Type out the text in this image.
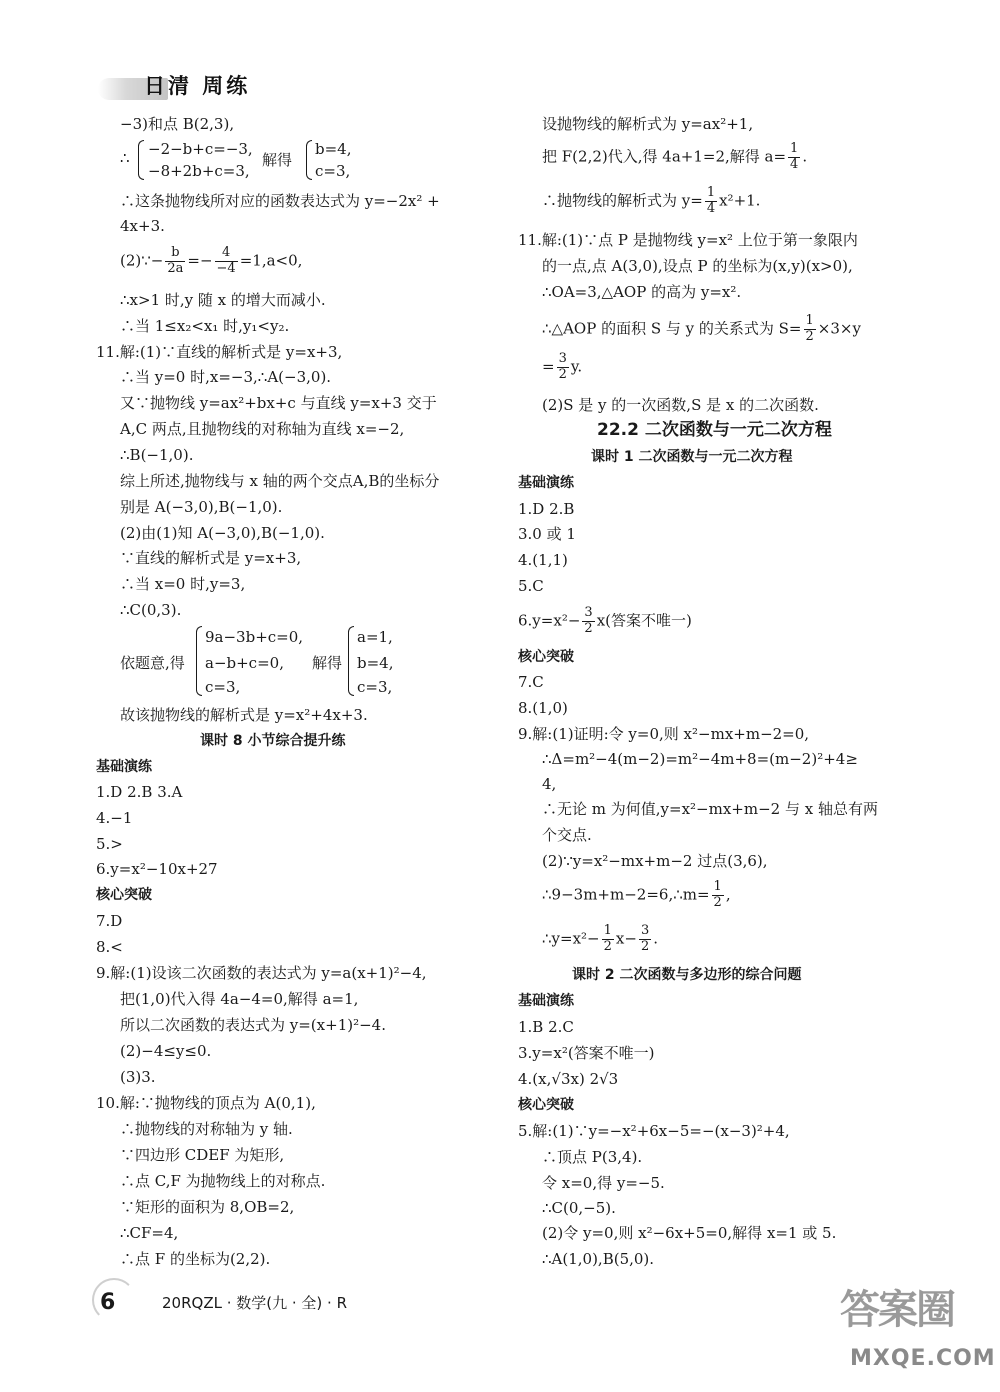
日清 周练
−3)和点 B(2,3),
∴ −2−b+c=−3,
−8+2b+c=3,
解得
b=4,
c=3,
∴这条抛物线所对应的函数表达式为 y=−2x² +
4x+3.
(2)∵− $\frac{b}{2a} =- \frac{4}{-4} =1,a<0$,
∴x>1 时,y 随 x 的增大而减小.
∴当 1≤x₂<x₁ 时,y₁<y₂.
11.解:(1)∵直线的解析式是 y=x+3,
∴当 y=0 时,x=−3,∴A(−3,0).
又∵抛物线 y=ax²+bx+c 与直线 y=x+3 交于
A,C 两点,且抛物线的对称轴为直线 x=−2,
∴B(−1,0).
综上所述,抛物线与 x 轴的两个交点A,B的坐标分
别是 A(−3,0),B(−1,0).
(2)由(1)知 A(−3,0),B(−1,0).
∵直线的解析式是 y=x+3,
∴当 x=0 时,y=3,
∴C(0,3).
依题意,得
9a−3b+c=0,
a−b+c=0,
c=3,
解得
a=1,
b=4,
c=3,
故该抛物线的解析式是 y=x²+4x+3.
课时 8 小节综合提升练
基础演练
1.D 2.B 3.A
4.−1
5.>
6.y=x²−10x+27
核心突破
7.D
8.<
9.解:(1)设该二次函数的表达式为 y=a(x+1)²−4,
把(1,0)代入得 4a−4=0,解得 a=1,
所以二次函数的表达式为 y=(x+1)²−4.
(2)−4≤y≤0.
(3)3.
10.解:∵抛物线的顶点为 A(0,1),
∴抛物线的对称轴为 y 轴.
∵四边形 CDEF 为矩形,
∴点 C,F 为抛物线上的对称点.
∵矩形的面积为 8,OB=2,
∴CF=4,
∴点 F 的坐标为(2,2).
设抛物线的解析式为 y=ax²+1,
把 F(2,2)代入,得 4a+1=2,解得 $a= \frac{1}{4}$ .
∴抛物线的解析式为 $y= \frac{1}{4} x^2+1$.
11.解:(1)∵点 P 是抛物线 y=x² 上位于第一象限内
的一点,点 A(3,0),设点 P 的坐标为(x,y)(x>0),
∴OA=3,△AOP 的高为 y=x².
∴△AOP 的面积 S 与 y 的关系式为 $S= \frac{1}{2} \times 3\times y$
= $\frac{3}{2} y$.
(2)S 是 y 的一次函数,S 是 x 的二次函数.
22.2 二次函数与一元二次方程
课时 1 二次函数与一元二次方程
基础演练
1.D 2.B
3.0 或 1
4.(1,1)
5.C
$6.y=x^2- \frac{3}{2} x$(答案不唯一)
核心突破
7.C
8.(1,0)
9.解:(1)证明:令 y=0,则 x²−mx+m−2=0,
∴Δ=m²−4(m−2)=m²−4m+8=(m−2)²+4≥
4,
∴无论 m 为何值,y=x²−mx+m−2 与 x 轴总有两
个交点.
(2)∵y=x²−mx+m−2 过点(3,6),
∴9−3m+m−2=6,∴m= $\frac{1}{2}$ ,
∴y=x²− $\frac{1}{2} x- \frac{3}{2}$ .
课时 2 二次函数与多边形的综合问题
基础演练
1.B 2.C
3.y=x²(答案不唯一)
4.(x,√3x) 2√3
核心突破
5.解:(1)∵y=−x²+6x−5=−(x−3)²+4,
∴顶点 P(3,4).
令 x=0,得 y=−5.
∴C(0,−5).
(2)令 y=0,则 x²−6x+5=0,解得 x=1 或 5.
∴A(1,0),B(5,0).
6	20RQZL · 数学(九 · 全) · R	答案圈
MXQE.COM
